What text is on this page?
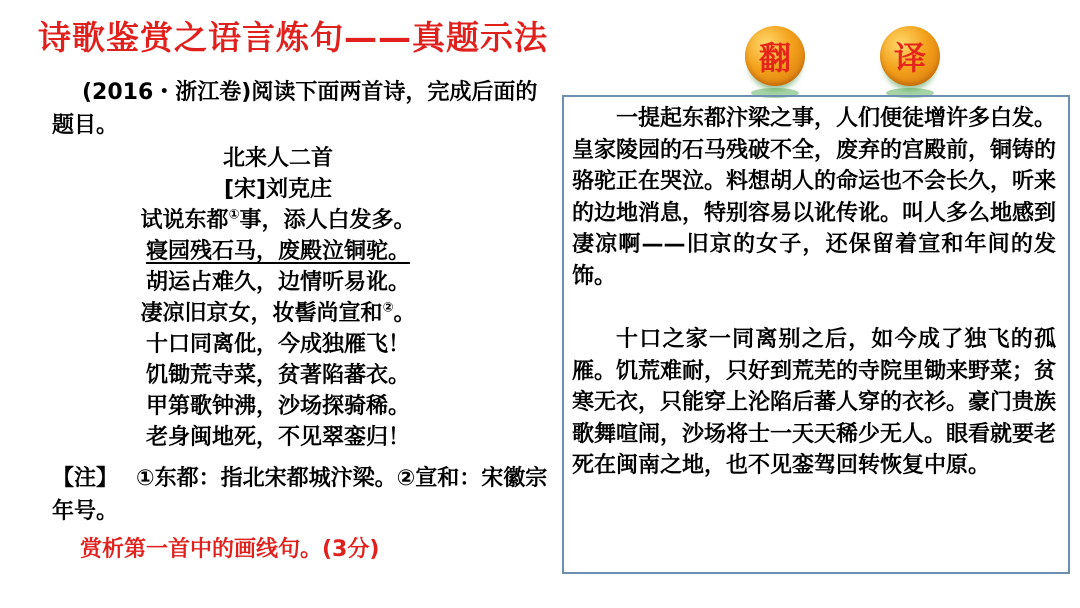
诗歌鉴赏之语言炼句——真题示法
(2016・浙江卷)阅读下面两首诗，完成后面的题目。
北来人二首
[宋]刘克庄
试说东都①事，添人白发多。
寝园残石马，废殿泣铜驼。
胡运占难久，边情听易讹。
凄凉旧京女，妆髻尚宣和②。
十口同离仳，今成独雁飞！
饥锄荒寺菜，贫著陷蕃衣。
甲第歌钟沸，沙场探骑稀。
老身闽地死，不见翠銮归！
【注】 ①东都：指北宋都城汴梁。②宣和：宋徽宗年号。
赏析第一首中的画线句。(3分)
翻	译

一提起东都汴梁之事，人们便徒增许多白发。皇家陵园的石马残破不全，废弃的宫殿前，铜铸的骆驼正在哭泣。料想胡人的命运也不会长久，听来的边地消息，特别容易以讹传讹。叫人多么地感到凄凉啊——旧京的女子，还保留着宣和年间的发饰。

十口之家一同离别之后，如今成了独飞的孤雁。饥荒难耐，只好到荒芜的寺院里锄来野菜；贫寒无衣，只能穿上沦陷后蕃人穿的衣衫。豪门贵族歌舞喧闹，沙场将士一天天稀少无人。眼看就要老死在闽南之地，也不见銮驾回转恢复中原。
